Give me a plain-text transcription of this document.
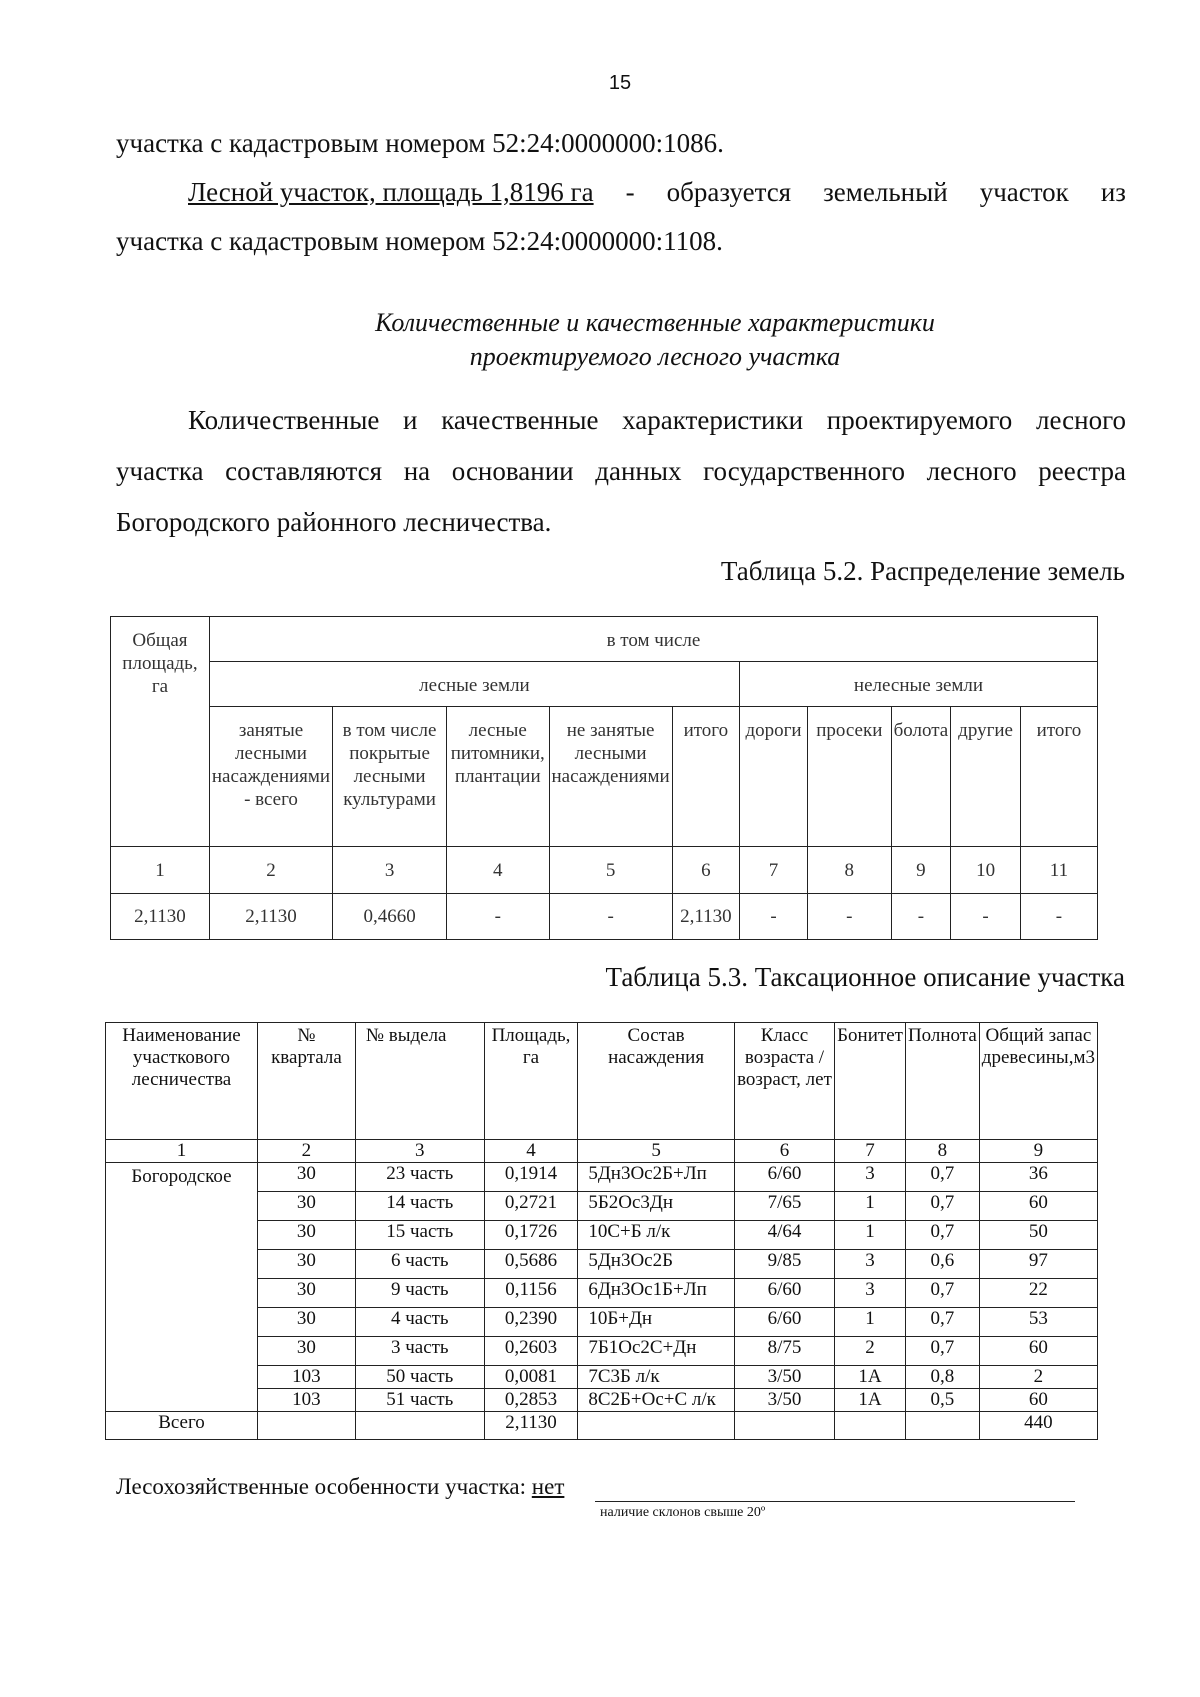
15
участка с кадастровым номером 52:24:0000000:1086.
Лесной участок, площадь 1,8196 га - образуется земельный участок из
участка с кадастровым номером 52:24:0000000:1108.
Количественные и качественные характеристики
проектируемого лесного участка
Количественные и качественные характеристики проектируемого лесного
участка составляются на основании данных государственного лесного реестра
Богородского районного лесничества.
Таблица 5.2. Распределение земель
Общая площадь, га	в том числе									
	лесные земли					нелесные земли				
	занятые лесными насаждениями - всего	в том числе покрытые лесными культурами	лесные питомники, плантации	не занятые лесными насаждениями	итого	дороги	просеки	болота	другие	итого
1	2	3	4	5	6	7	8	9	10	11
2,1130	2,1130	0,4660	-	-	2,1130	-	-	-	-	-
Таблица 5.3. Таксационное описание участка
Наименование участкового лесничества	№ квартала	№ выдела	Площадь, га	Состав насаждения	Класс возраста / возраст, лет	Бонитет	Полнота	Общий запас древесины,м3
1	2	3	4	5	6	7	8	9
Богородское	30	23 часть	0,1914	5Дн3Ос2Б+Лп	6/60	3	0,7	36
	30	14 часть	0,2721	5Б2Ос3Дн	7/65	1	0,7	60
	30	15 часть	0,1726	10С+Б л/к	4/64	1	0,7	50
	30	6 часть	0,5686	5Дн3Ос2Б	9/85	3	0,6	97
	30	9 часть	0,1156	6Дн3Ос1Б+Лп	6/60	3	0,7	22
	30	4 часть	0,2390	10Б+Дн	6/60	1	0,7	53
	30	3 часть	0,2603	7Б1Ос2С+Дн	8/75	2	0,7	60
	103	50 часть	0,0081	7С3Б л/к	3/50	1А	0,8	2
	103	51 часть	0,2853	8С2Б+Ос+С л/к	3/50	1А	0,5	60
Всего			2,1130					440
Лесохозяйственные особенности участка: нет
наличие склонов свыше 20º
